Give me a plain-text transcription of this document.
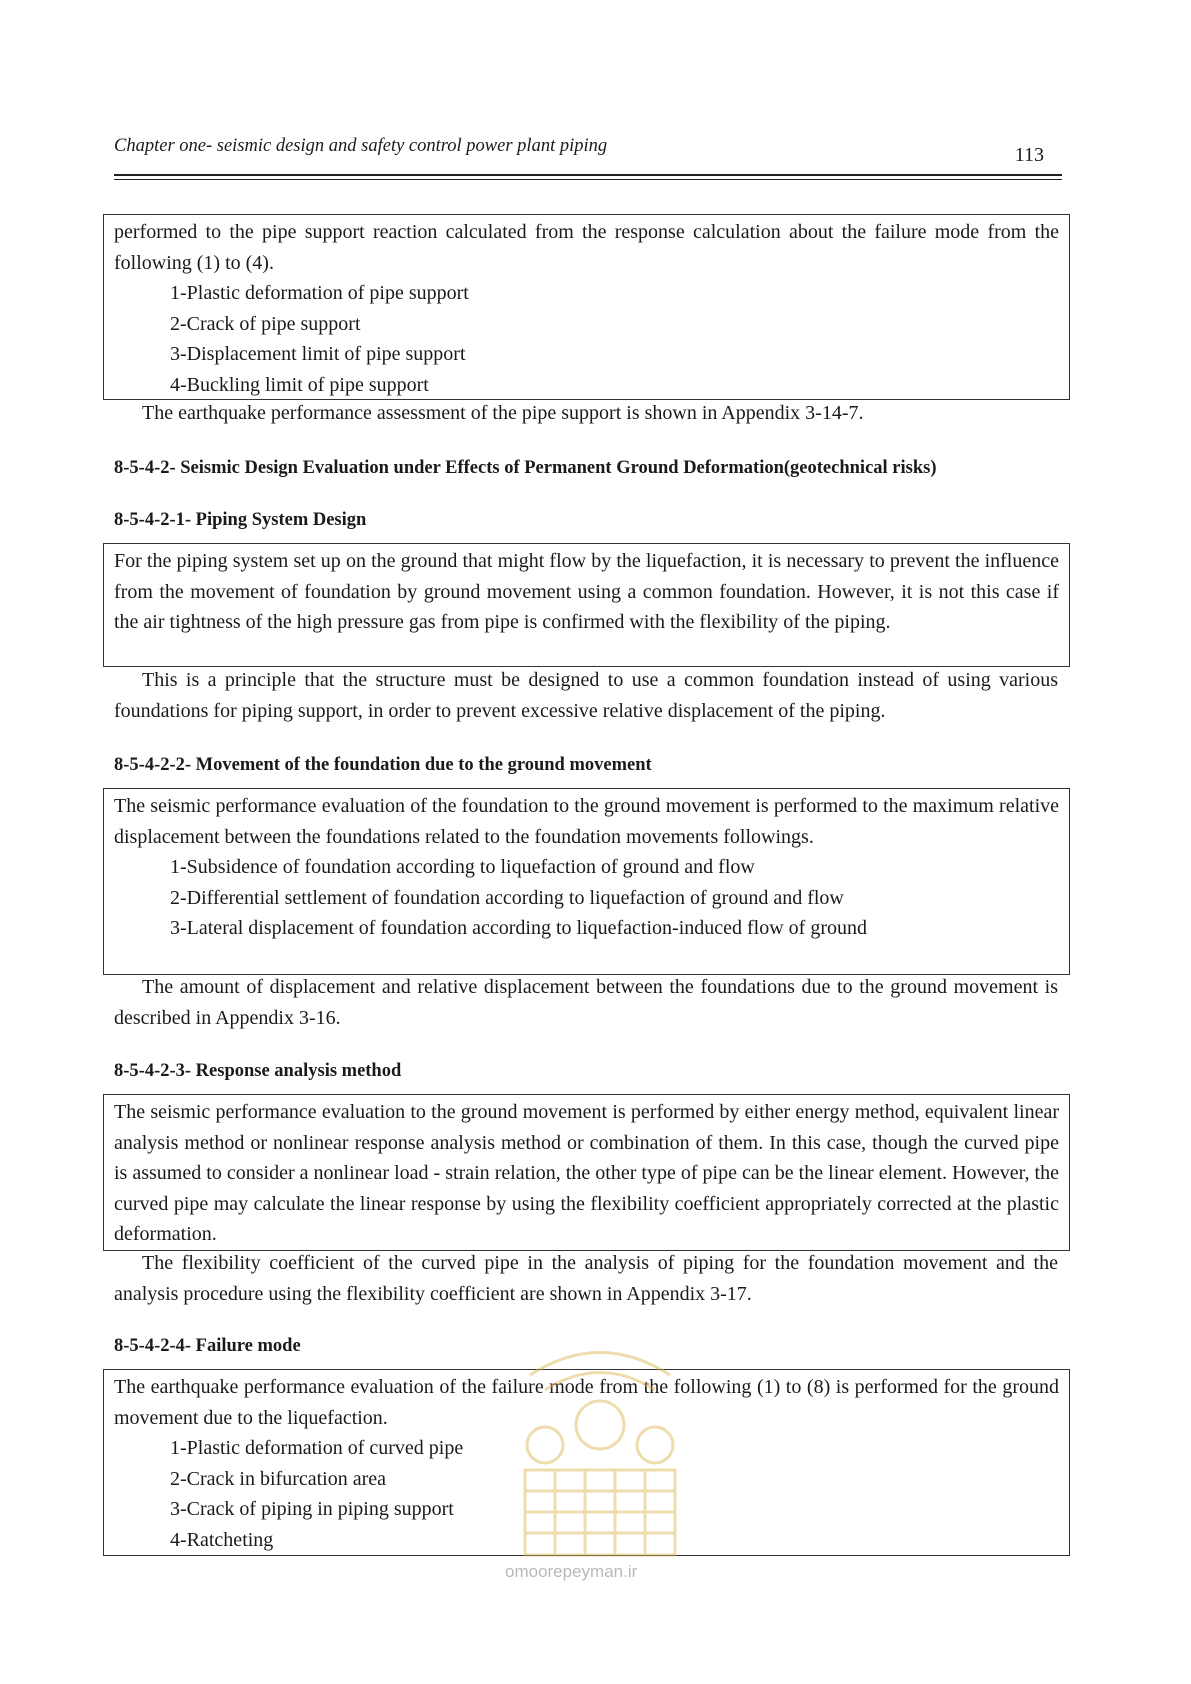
Chapter one- seismic design and safety control power plant piping	113
performed to the pipe support reaction calculated from the response calculation about the failure mode from the following (1) to (4).
1-Plastic deformation of pipe support
2-Crack of pipe support
3-Displacement limit of pipe support
4-Buckling limit of pipe support
The earthquake performance assessment of the pipe support is shown in Appendix 3-14-7.
8-5-4-2- Seismic Design Evaluation under Effects of Permanent Ground Deformation(geotechnical risks)
8-5-4-2-1- Piping System Design
For the piping system set up on the ground that might flow by the liquefaction, it is necessary to prevent the influence from the movement of foundation by ground movement using a common foundation. However, it is not this case if the air tightness of the high pressure gas from pipe is confirmed with the flexibility of the piping.
This is a principle that the structure must be designed to use a common foundation instead of using various foundations for piping support, in order to prevent excessive relative displacement of the piping.
8-5-4-2-2- Movement of the foundation due to the ground movement
The seismic performance evaluation of the foundation to the ground movement is performed to the maximum relative displacement between the foundations related to the foundation movements followings.
1-Subsidence of foundation according to liquefaction of ground and flow
2-Differential settlement of foundation according to liquefaction of ground and flow
3-Lateral displacement of foundation according to liquefaction-induced flow of ground
The amount of displacement and relative displacement between the foundations due to the ground movement is described in Appendix 3-16.
8-5-4-2-3- Response analysis method
The seismic performance evaluation to the ground movement is performed by either energy method, equivalent linear analysis method or nonlinear response analysis method or combination of them. In this case, though the curved pipe is assumed to consider a nonlinear load - strain relation, the other type of pipe can be the linear element. However, the curved pipe may calculate the linear response by using the flexibility coefficient appropriately corrected at the plastic deformation.
The flexibility coefficient of the curved pipe in the analysis of piping for the foundation movement and the analysis procedure using the flexibility coefficient are shown in Appendix 3-17.
8-5-4-2-4- Failure mode
The earthquake performance evaluation of the failure mode from the following (1) to (8) is performed for the ground movement due to the liquefaction.
1-Plastic deformation of curved pipe
2-Crack in bifurcation area
3-Crack of piping in piping support
4-Ratcheting
omoorepeyman.ir
